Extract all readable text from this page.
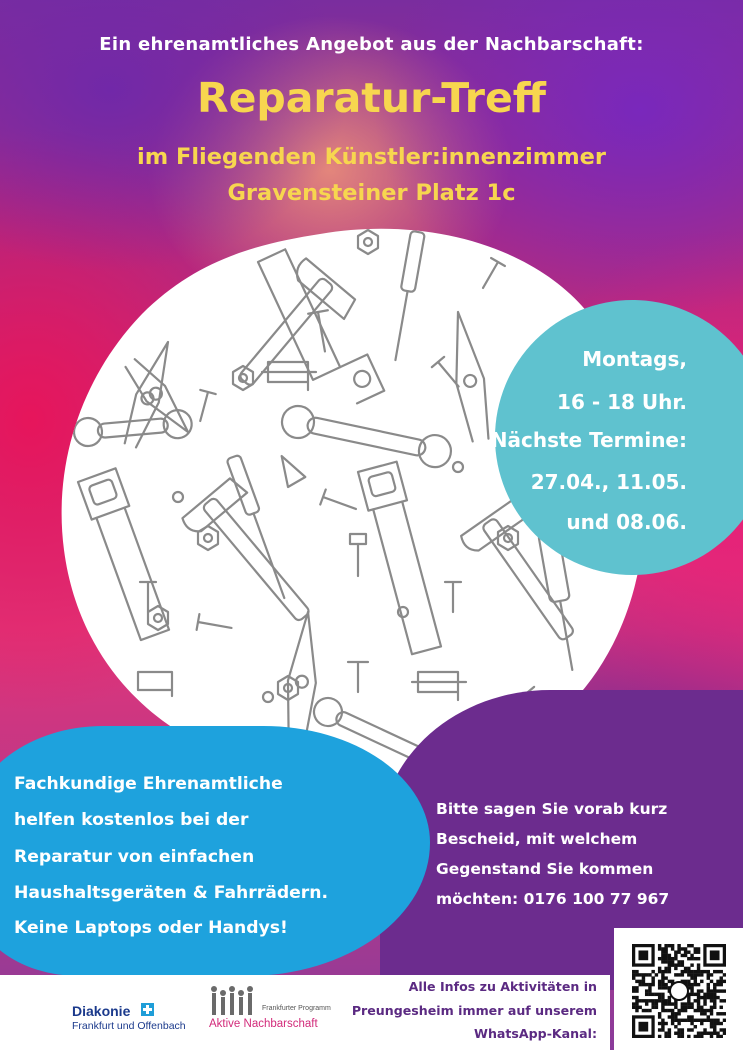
Ein ehrenamtliches Angebot aus der Nachbarschaft:
Reparatur-Treff
im Fliegenden Künstler:innenzimmer
Gravensteiner Platz 1c
Montags,
16 - 18 Uhr.
Nächste Termine:
27.04., 11.05.
und 08.06.
Bitte sagen Sie vorab kurz
Bescheid, mit welchem
Gegenstand Sie kommen
möchten: 0176 100 77 967
Fachkundige Ehrenamtliche
helfen kostenlos bei der
Reparatur von einfachen
Haushaltsgeräten & Fahrrädern.
Keine Laptops oder Handys!
Diakonie
Frankfurt und Offenbach
Frankfurter Programm
Aktive Nachbarschaft
Alle Infos zu Aktivitäten in
Preungesheim immer auf unserem
WhatsApp-Kanal:
